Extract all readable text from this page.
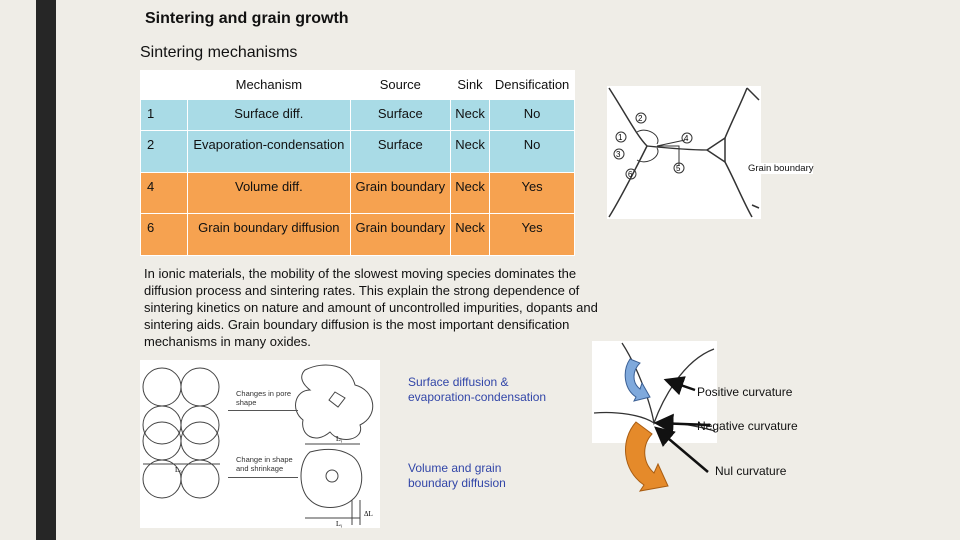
Sintering and grain growth
Sintering mechanisms
	Mechanism	Source	Sink	Densification
1	Surface diff.	Surface	Neck	No
2	Evaporation-condensation	Surface	Neck	No
4	Volume diff.	Grain boundary	Neck	Yes
6	Grain boundary diffusion	Grain boundary	Neck	Yes
2
1
3
4
5
6
Grain boundary
In ionic materials, the mobility of the slowest moving species dominates the diffusion process and sintering rates. This explain the strong dependence of sintering kinetics on nature and amount of uncontrolled impurities, dopants and sintering aids. Grain boundary diffusion is the most important densification mechanisms in many oxides.
L₀
Lᵧ
Lᵧ
ΔL
Changes in pore shape
Change in shape and shrinkage
Surface diffusion & evaporation-condensation
Volume and grain boundary diffusion
Positive curvature
Negative curvature
Nul curvature
